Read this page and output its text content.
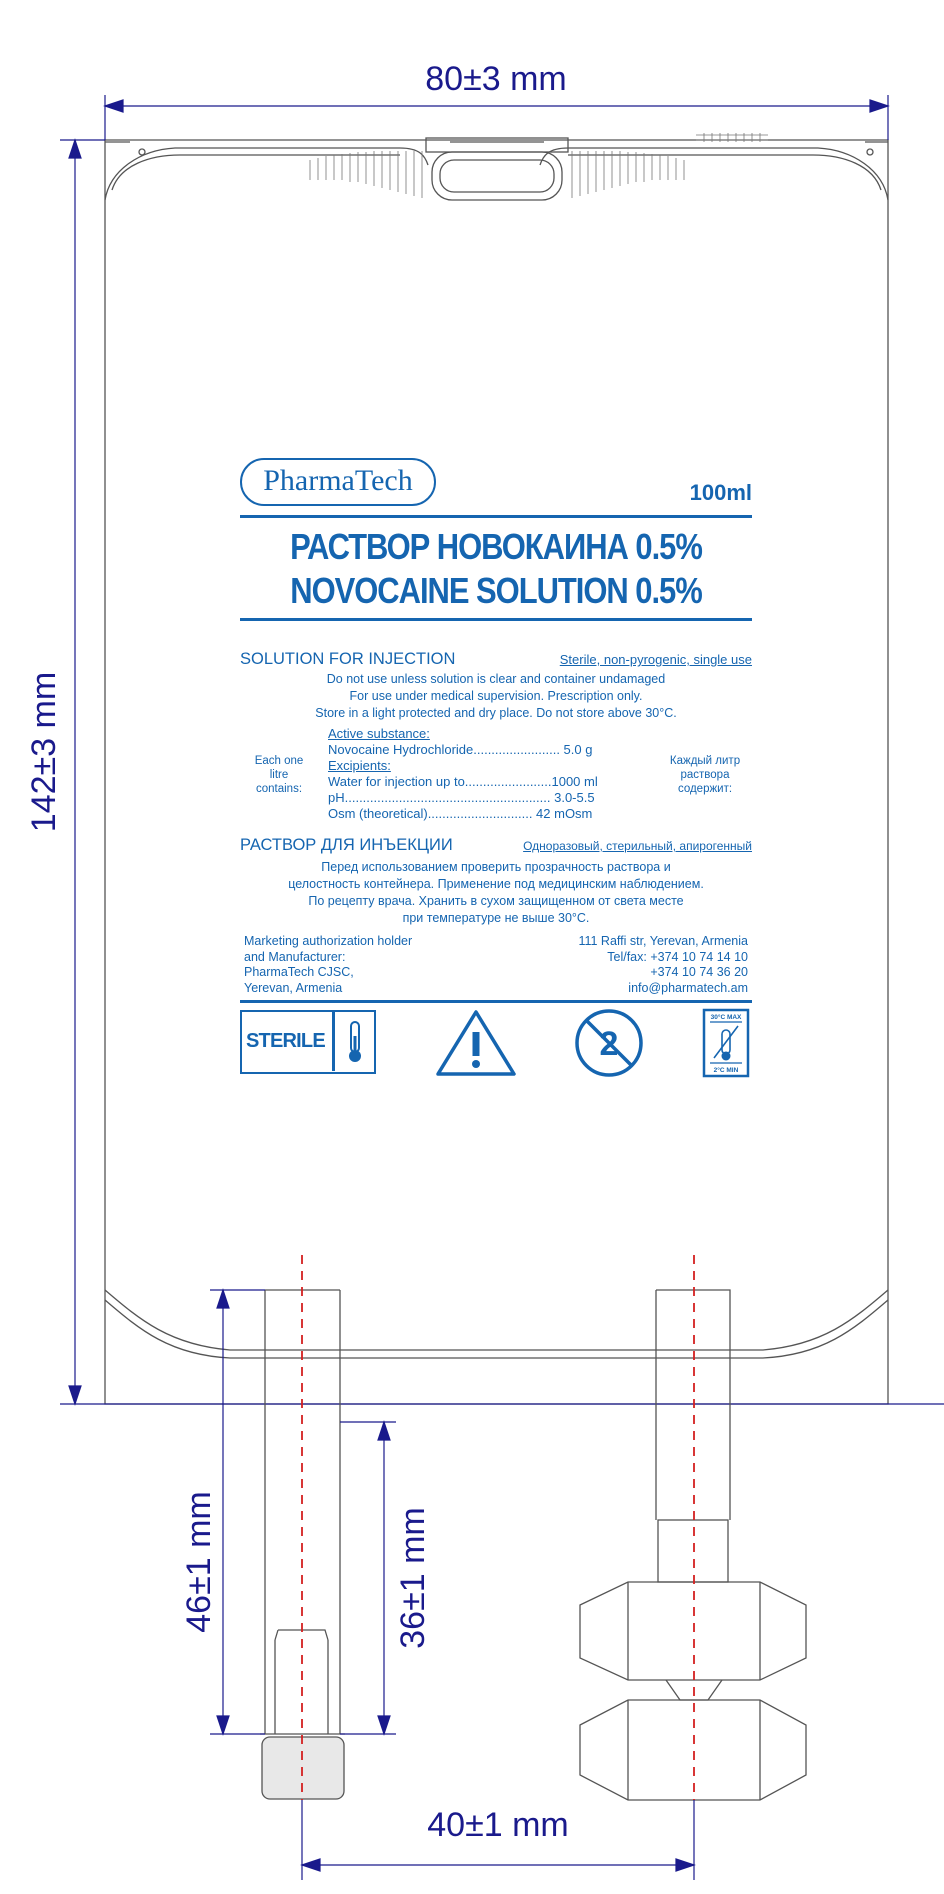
80±3 mm
142±3 mm
46±1 mm	36±1 mm
40±1 mm
PharmaTech	100ml
РАСТВОР НОВОКАИНА 0.5%
NOVOCAINE SOLUTION 0.5%
SOLUTION FOR INJECTION	Sterile, non-pyrogenic, single use
Do not use unless solution is clear and container undamaged
For use under medical supervision. Prescription only.
Store in a light protected and dry place. Do not store above 30°C.
Each one
litre
contains:
Каждый литр
раствора
содержит:
Active substance:
Novocaine Hydrochloride........................ 5.0 g
Excipients:
Water for injection up to........................1000 ml
pH......................................................... 3.0-5.5
Osm (theoretical)............................. 42 mOsm
РАСТВОР ДЛЯ ИНЪЕКЦИИ	Одноразовый, стерильный, апирогенный
Перед использованием проверить прозрачность раствора и
целостность контейнера. Применение под медицинским наблюдением.
По рецепту врача. Хранить в сухом защищенном от света месте
при температуре не выше 30°C.
Marketing authorization holder
and Manufacturer:
PharmaTech CJSC,
Yerevan, Armenia
111 Raffi str, Yerevan, Armenia
Tel/fax: +374 10 74 14 10
+374 10 74 36 20
info@pharmatech.am
STERILE	2
30°C MAX
2°C MIN
